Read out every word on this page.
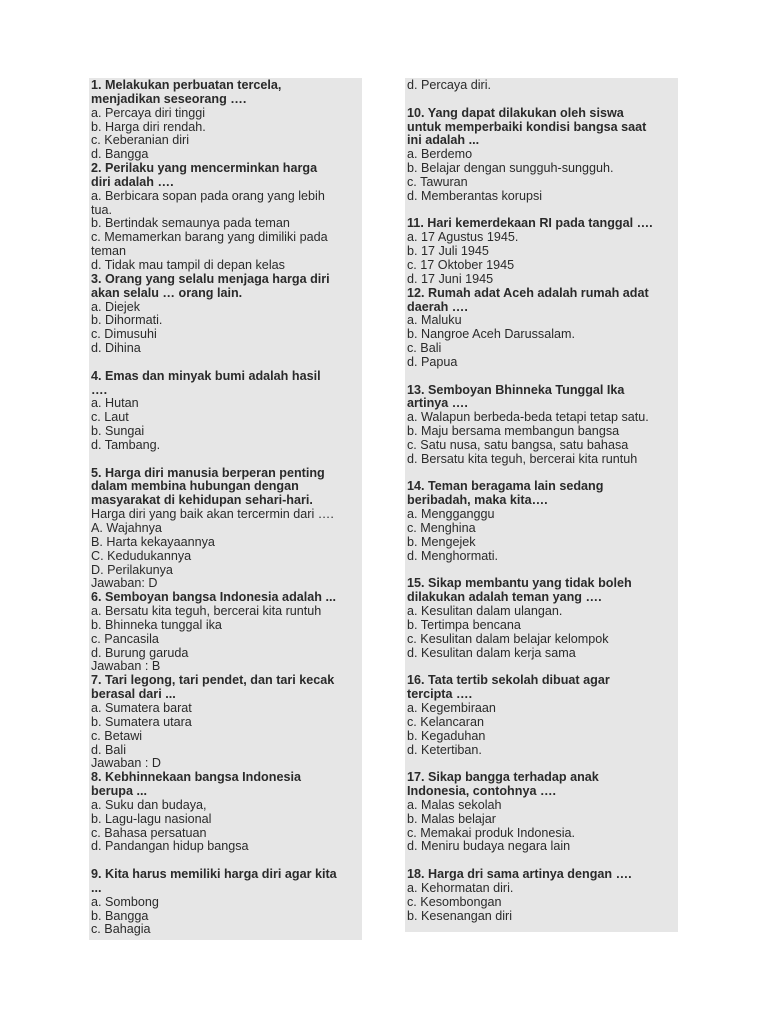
1. Melakukan perbuatan tercela,
menjadikan seseorang ….
a. Percaya diri tinggi
b. Harga diri rendah.
c. Keberanian diri
d. Bangga
2. Perilaku yang mencerminkan harga
diri adalah ….
a. Berbicara sopan pada orang yang lebih
tua.
b. Bertindak semaunya pada teman
c. Memamerkan barang yang dimiliki pada
teman
d. Tidak mau tampil di depan kelas
3. Orang yang selalu menjaga harga diri
akan selalu … orang lain.
a. Diejek
b. Dihormati.
c. Dimusuhi
d. Dihina
4. Emas dan minyak bumi adalah hasil
….
a. Hutan
c. Laut
b. Sungai
d. Tambang.
5. Harga diri manusia berperan penting
dalam membina hubungan dengan
masyarakat di kehidupan sehari-hari.
Harga diri yang baik akan tercermin dari ….
A. Wajahnya
B. Harta kekayaannya
C. Kedudukannya
D. Perilakunya
Jawaban: D
6. Semboyan bangsa Indonesia adalah ...
a. Bersatu kita teguh, bercerai kita runtuh
b. Bhinneka tunggal ika
c. Pancasila
d. Burung garuda
Jawaban : B
7. Tari legong, tari pendet, dan tari kecak
berasal dari ...
a. Sumatera barat
b. Sumatera utara
c. Betawi
d. Bali
Jawaban : D
8. Kebhinnekaan bangsa Indonesia
berupa ...
a. Suku dan budaya,
b. Lagu-lagu nasional
c. Bahasa persatuan
d. Pandangan hidup bangsa
9. Kita harus memiliki harga diri agar kita
...
a. Sombong
b. Bangga
c. Bahagia
d. Percaya diri.
10. Yang dapat dilakukan oleh siswa
untuk memperbaiki kondisi bangsa saat
ini adalah ...
a. Berdemo
b. Belajar dengan sungguh-sungguh.
c. Tawuran
d. Memberantas korupsi
11. Hari kemerdekaan RI pada tanggal ….
a. 17 Agustus 1945.
b. 17 Juli 1945
c. 17 Oktober 1945
d. 17 Juni 1945
12. Rumah adat Aceh adalah rumah adat
daerah ….
a. Maluku
b. Nangroe Aceh Darussalam.
c. Bali
d. Papua
13. Semboyan Bhinneka Tunggal Ika
artinya ….
a. Walapun berbeda-beda tetapi tetap satu.
b. Maju bersama membangun bangsa
c. Satu nusa, satu bangsa, satu bahasa
d. Bersatu kita teguh, bercerai kita runtuh
14. Teman beragama lain sedang
beribadah, maka kita….
a. Mengganggu
c. Menghina
b. Mengejek
d. Menghormati.
15. Sikap membantu yang tidak boleh
dilakukan adalah teman yang ….
a. Kesulitan dalam ulangan.
b. Tertimpa bencana
c. Kesulitan dalam belajar kelompok
d. Kesulitan dalam kerja sama
16. Tata tertib sekolah dibuat agar
tercipta ….
a. Kegembiraan
c. Kelancaran
b. Kegaduhan
d. Ketertiban.
17. Sikap bangga terhadap anak
Indonesia, contohnya ….
a. Malas sekolah
b. Malas belajar
c. Memakai produk Indonesia.
d. Meniru budaya negara lain
18. Harga dri sama artinya dengan ….
a. Kehormatan diri.
c. Kesombongan
b. Kesenangan diri
